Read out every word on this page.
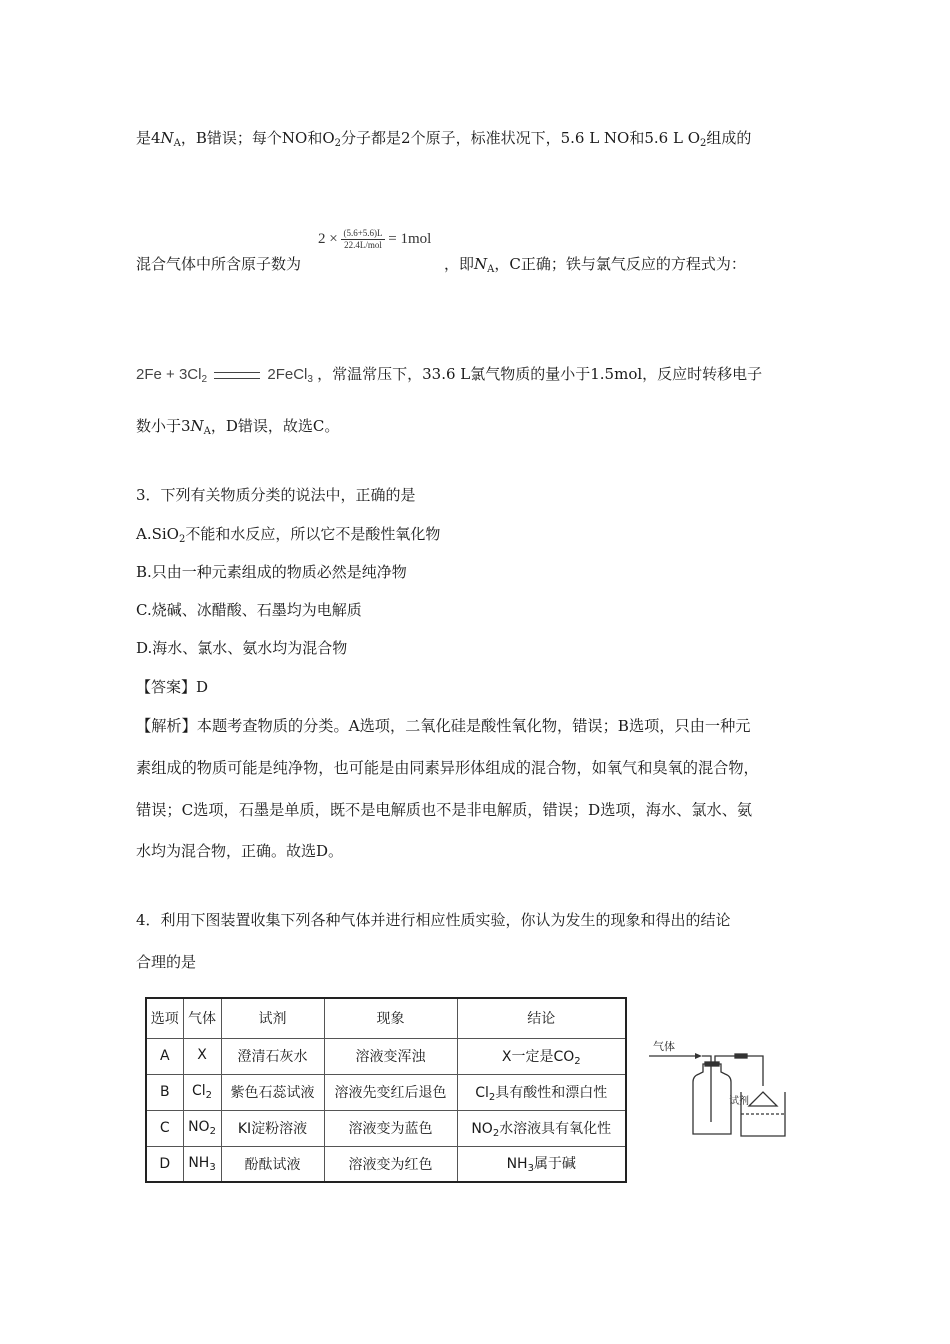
是$4N_A$，B错误；每个NO和$O_2$分子都是2个原子，标准状况下，5.6 L NO和5.6 L $O_2$组成的
$2 \times \frac{(5.6+5.6)L}{\text{22.4L/mol}} = 1mol$
混合气体中所含原子数为	，即$N_A$，C正确；铁与氯气反应的方程式为：
$2Fe + 3Cl_2$	2FeCl$_3$ ，常温常压下，33.6 L氯气物质的量小于1.5mol，反应时转移电子
数小于$3N_A$，D错误，故选C。
3．下列有关物质分类的说法中，正确的是
A.SiO$_2$不能和水反应，所以它不是酸性氧化物
B.只由一种元素组成的物质必然是纯净物
C.烧碱、冰醋酸、石墨均为电解质
D.海水、氯水、氨水均为混合物
【答案】D
【解析】本题考查物质的分类。A选项，二氧化硅是酸性氧化物，错误；B选项，只由一种元
素组成的物质可能是纯净物，也可能是由同素异形体组成的混合物，如氧气和臭氧的混合物，
错误；C选项，石墨是单质，既不是电解质也不是非电解质，错误；D选项，海水、氯水、氨
水均为混合物，正确。故选D。
4．利用下图装置收集下列各种气体并进行相应性质实验，你认为发生的现象和得出的结论
合理的是
选项	气体	试剂	现象	结论
A	X	澄清石灰水	溶液变浑浊	X一定是$CO_2$
B	$Cl_2$	紫色石蕊试液	溶液先变红后退色	$Cl_2$具有酸性和漂白性
C	$NO_2$	KI淀粉溶液	溶液变为蓝色	$NO_2$水溶液具有氧化性
D	$NH_3$	酚酞试液	溶液变为红色	$NH_3$属于碱
气体
试剂
